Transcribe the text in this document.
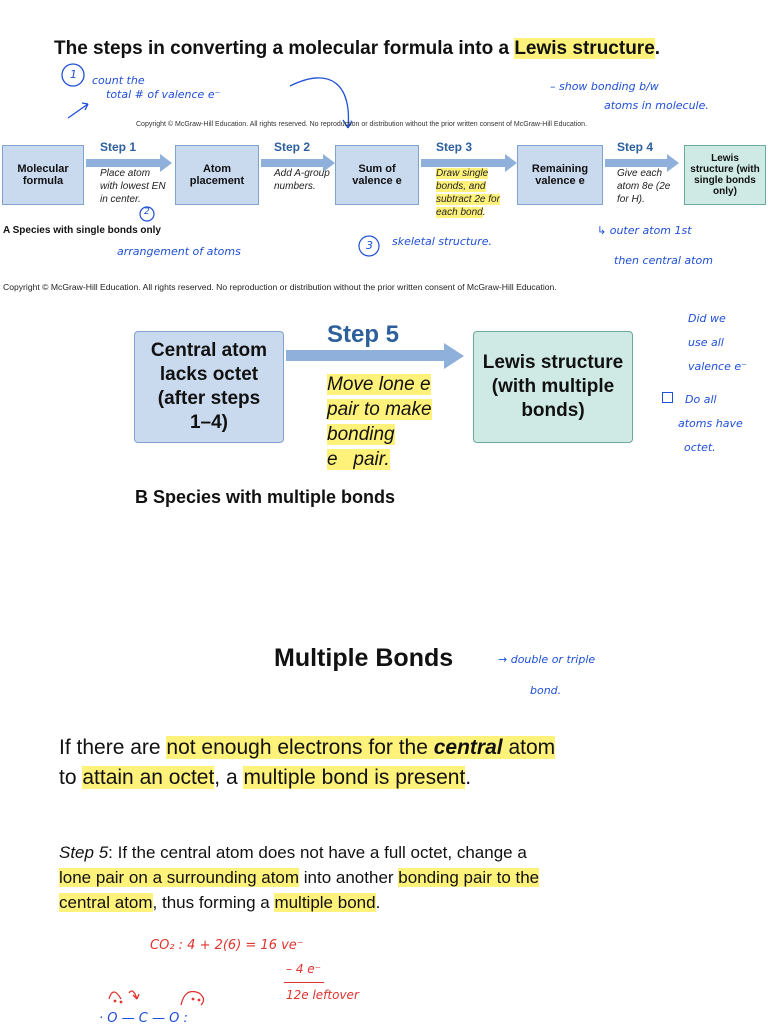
The steps in converting a molecular formula into a Lewis structure.
1 count the
total # of valence e⁻
– show bonding b/w
atoms in molecule.
Copyright © McGraw-Hill Education. All rights reserved. No reproduction or distribution without the prior written consent of McGraw-Hill Education.
Molecular formula
Step 1
Place atom with lowest EN in center.
Atom placement
Step 2
Add A-group numbers.
Sum of valence e
Step 3
Draw single bonds, and subtract 2e for each bond.
Remaining valence e
Step 4
Give each atom 8e (2e for H).
Lewis structure (with single bonds only)
A Species with single bonds only
2
arrangement of atoms	3 skeletal structure.
↳ outer atom 1st
then central atom
Copyright © McGraw-Hill Education. All rights reserved. No reproduction or distribution without the prior written consent of McGraw-Hill Education.
Central atom lacks octet (after steps 1–4)
Step 5
Move lone e
pair to make
bonding
e   pair.
Lewis structure (with multiple bonds)
B Species with multiple bonds
Did we
use all
valence e⁻
Do all
atoms have
octet.
Multiple Bonds	→ double or triple
bond.
If there are not enough electrons for the central atom
to attain an octet, a multiple bond is present.
Step 5: If the central atom does not have a full octet, change a
lone pair on a surrounding atom into another bonding pair to the
central atom, thus forming a multiple bond.
CO₂ : 4 + 2(6) = 16 ve⁻
– 4 e⁻
12e leftover
· O — C — O :
